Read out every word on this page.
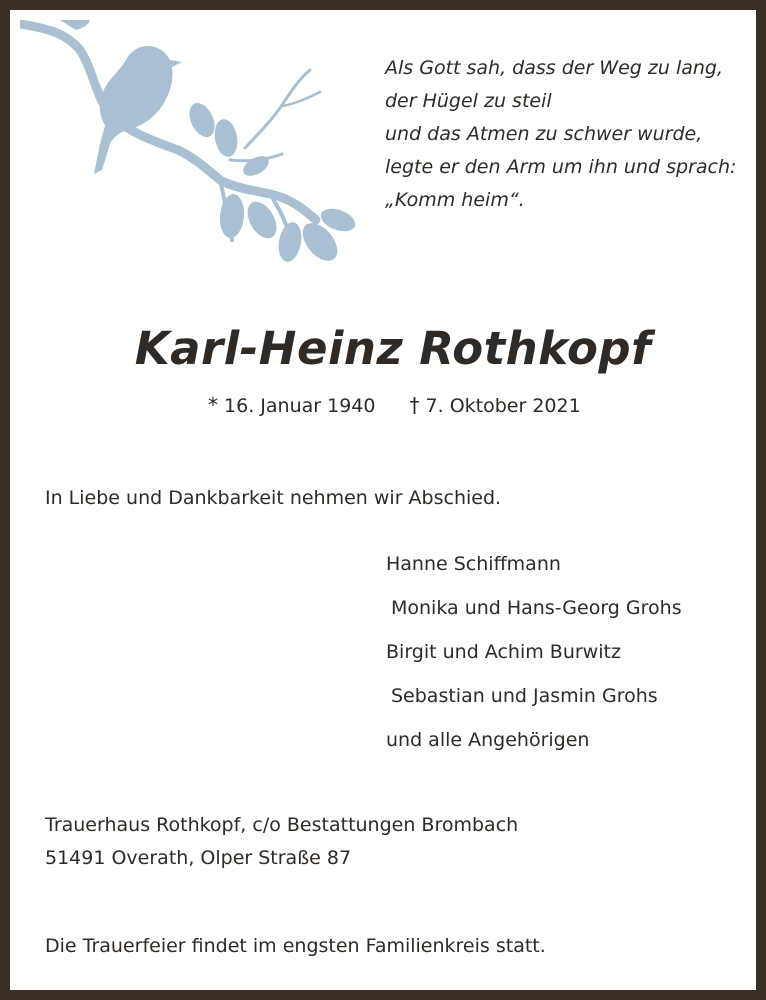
Als Gott sah, dass der Weg zu lang,
der Hügel zu steil
und das Atmen zu schwer wurde,
legte er den Arm um ihn und sprach:
„Komm heim“.
Karl-Heinz Rothkopf
* 16. Januar 1940 † 7. Oktober 2021
In Liebe und Dankbarkeit nehmen wir Abschied.
Hanne Schiffmann
Monika und Hans-Georg Grohs
Birgit und Achim Burwitz
Sebastian und Jasmin Grohs
und alle Angehörigen
Trauerhaus Rothkopf, c/o Bestattungen Brombach
51491 Overath, Olper Straße 87
Die Trauerfeier findet im engsten Familienkreis statt.
